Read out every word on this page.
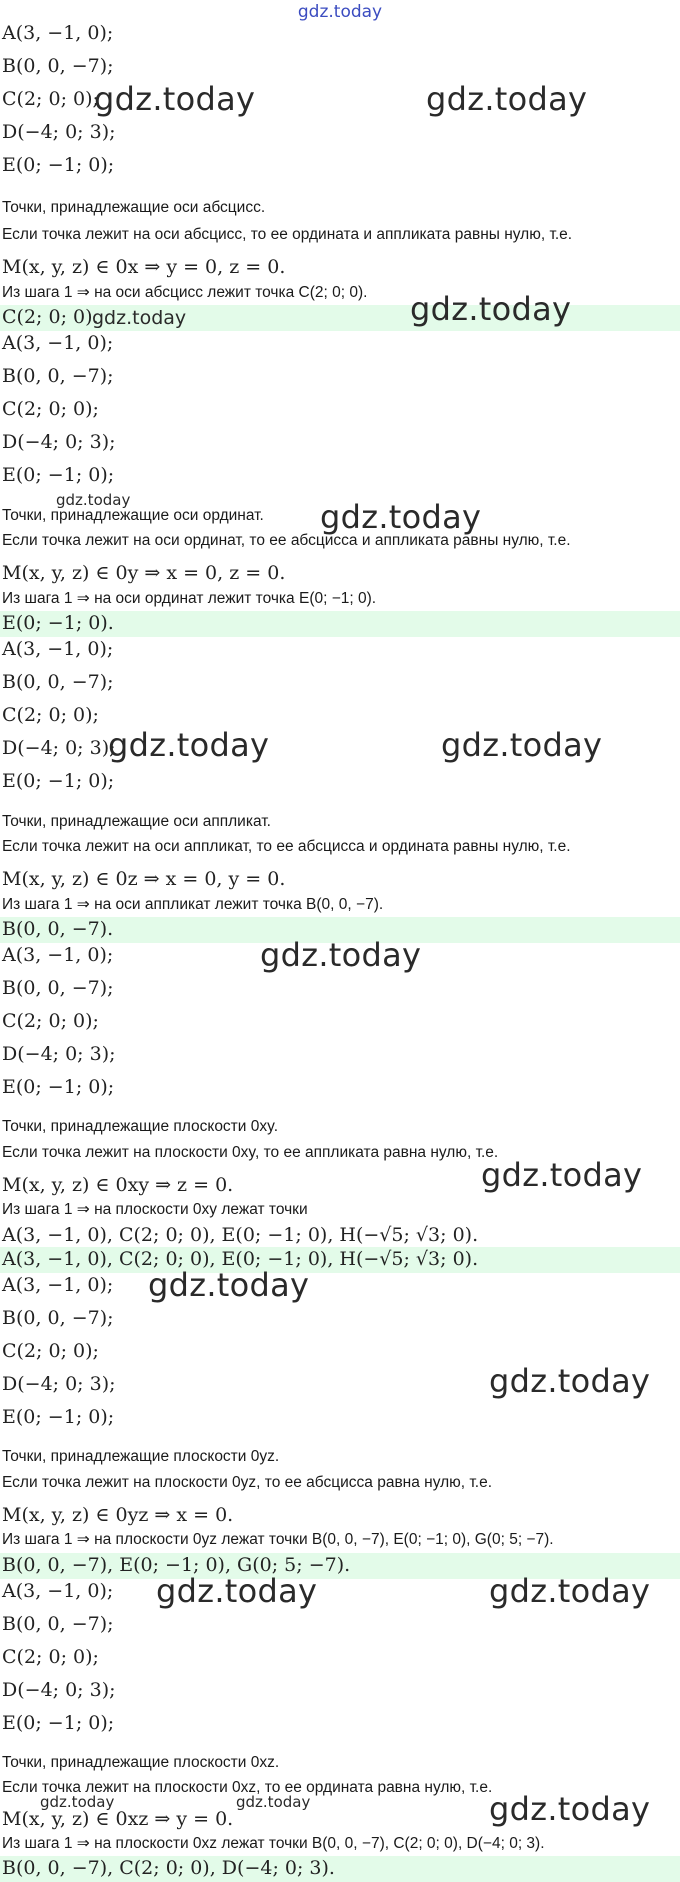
gdz.today
A(3, −1, 0);
B(0, 0, −7);
C(2; 0; 0);
D(−4; 0; 3);
E(0; −1; 0);
gdz.today	gdz.today
Точки, принадлежащие оси абсцисс.
Если точка лежит на оси абсцисс, то ее ордината и аппликата равны нулю, т.е.
M(x, y, z) ∈ 0x ⇒ y = 0, z = 0.
Из шага 1 ⇒ на оси абсцисс лежит точка C(2; 0; 0).
C(2; 0; 0).
gdz.today	gdz.today
A(3, −1, 0);
B(0, 0, −7);
C(2; 0; 0);
D(−4; 0; 3);
E(0; −1; 0);
gdz.today
Точки, принадлежащие оси ординат. gdz.today
Если точка лежит на оси ординат, то ее абсцисса и аппликата равны нулю, т.е.
M(x, y, z) ∈ 0y ⇒ x = 0, z = 0.
Из шага 1 ⇒ на оси ординат лежит точка E(0; −1; 0).
E(0; −1; 0).
A(3, −1, 0);
B(0, 0, −7);
C(2; 0; 0);
D(−4; 0; 3);
E(0; −1; 0);
gdz.today	gdz.today
Точки, принадлежащие оси аппликат.
Если точка лежит на оси аппликат, то ее абсцисса и ордината равны нулю, т.е.
M(x, y, z) ∈ 0z ⇒ x = 0, y = 0.
Из шага 1 ⇒ на оси аппликат лежит точка B(0, 0, −7).
B(0, 0, −7).
A(3, −1, 0);	gdz.today
B(0, 0, −7);
C(2; 0; 0);
D(−4; 0; 3);
E(0; −1; 0);
Точки, принадлежащие плоскости 0xy.
Если точка лежит на плоскости 0xy, то ее аппликата равна нулю, т.е.
gdz.today
M(x, y, z) ∈ 0xy ⇒ z = 0.
Из шага 1 ⇒ на плоскости 0xy лежат точки
A(3, −1, 0), C(2; 0; 0), E(0; −1; 0), H(−√5; √3; 0).
A(3, −1, 0), C(2; 0; 0), E(0; −1; 0), H(−√5; √3; 0).
A(3, −1, 0); gdz.today
B(0, 0, −7);
C(2; 0; 0);
D(−4; 0; 3);	gdz.today
E(0; −1; 0);
Точки, принадлежащие плоскости 0yz.
Если точка лежит на плоскости 0yz, то ее абсцисса равна нулю, т.е.
M(x, y, z) ∈ 0yz ⇒ x = 0.
Из шага 1 ⇒ на плоскости 0yz лежат точки B(0, 0, −7), E(0; −1; 0), G(0; 5; −7).
B(0, 0, −7), E(0; −1; 0), G(0; 5; −7).
A(3, −1, 0); gdz.today	gdz.today
B(0, 0, −7);
C(2; 0; 0);
D(−4; 0; 3);
E(0; −1; 0);
Точки, принадлежащие плоскости 0xz.
Если точка лежит на плоскости 0xz, то ее ордината равна нулю, т.е.
gdz.today	gdz.today	gdz.today
M(x, y, z) ∈ 0xz ⇒ y = 0.
Из шага 1 ⇒ на плоскости 0xz лежат точки B(0, 0, −7), C(2; 0; 0), D(−4; 0; 3).
B(0, 0, −7), C(2; 0; 0), D(−4; 0; 3).
